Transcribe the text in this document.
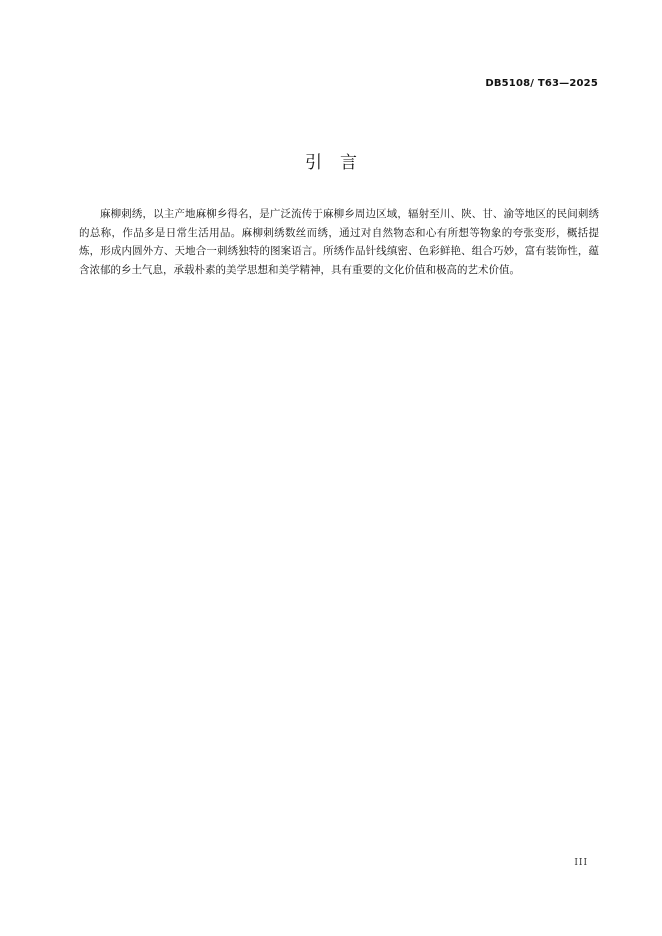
DB5108/ T63—2025
引言

麻柳刺绣，以主产地麻柳乡得名，是广泛流传于麻柳乡周边区域，辐射至川、陕、甘、渝等地区的民间刺绣的总称，作品多是日常生活用品。麻柳刺绣数丝而绣，通过对自然物态和心有所想等物象的夸张变形，概括提炼，形成内圆外方、天地合一刺绣独特的图案语言。所绣作品针线缜密、色彩鲜艳、组合巧妙，富有装饰性，蕴含浓郁的乡土气息，承载朴素的美学思想和美学精神，具有重要的文化价值和极高的艺术价值。

III
